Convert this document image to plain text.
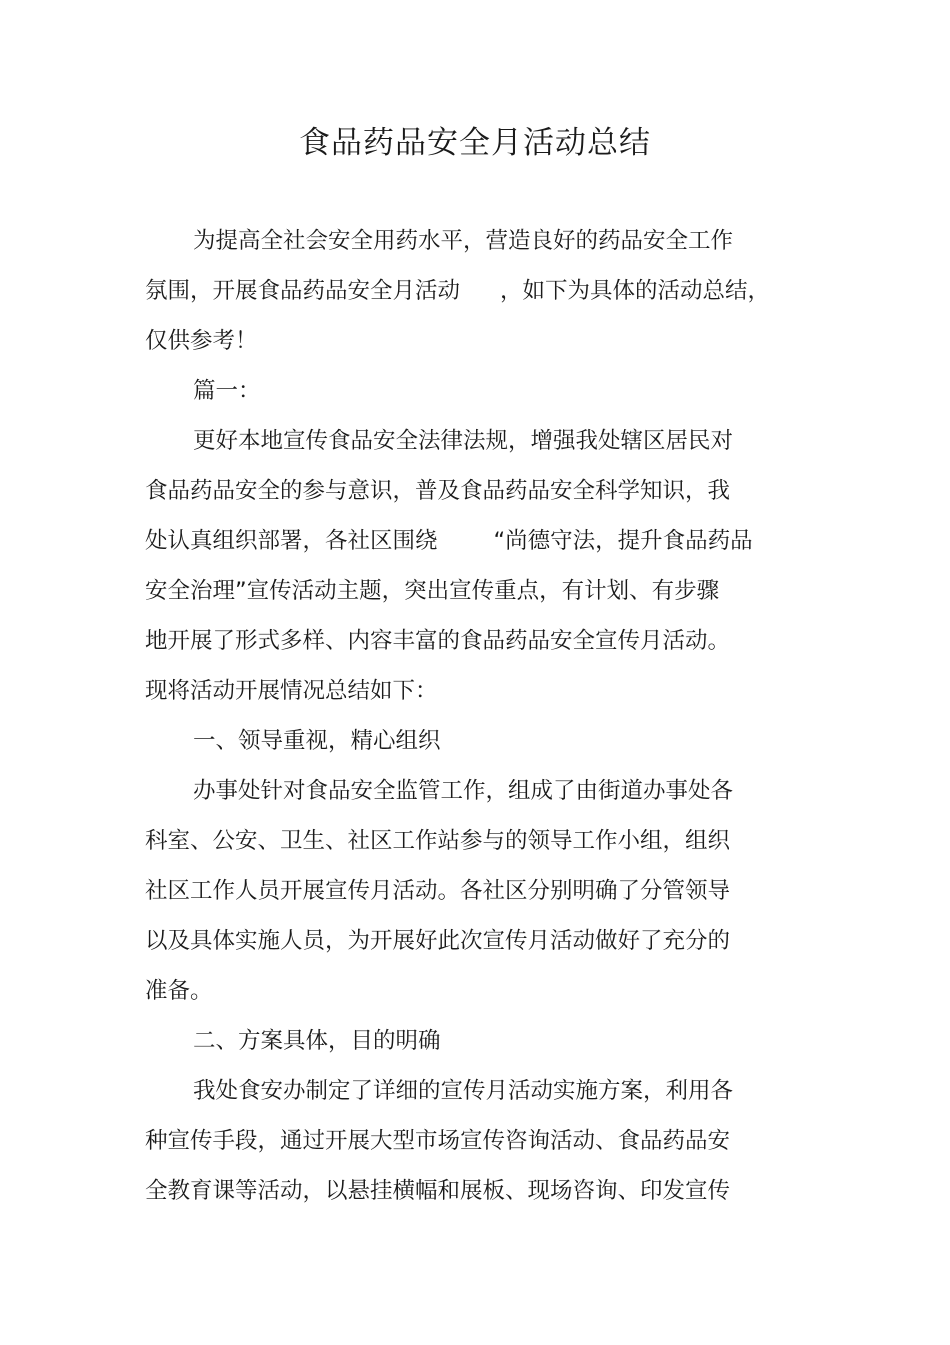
食品药品安全月活动总结

为提高全社会安全用药水平，营造良好的药品安全工作

氛围，开展食品药品安全月活动 ，如下为具体的活动总结，

仅供参考！

篇一：

更好本地宣传食品安全法律法规，增强我处辖区居民对

食品药品安全的参与意识，普及食品药品安全科学知识，我

处认真组织部署，各社区围绕 “尚德守法，提升食品药品

安全治理”宣传活动主题，突出宣传重点，有计划、有步骤

地开展了形式多样、内容丰富的食品药品安全宣传月活动。

现将活动开展情况总结如下：

一、领导重视，精心组织

办事处针对食品安全监管工作，组成了由街道办事处各

科室、公安、卫生、社区工作站参与的领导工作小组，组织

社区工作人员开展宣传月活动。各社区分别明确了分管领导

以及具体实施人员，为开展好此次宣传月活动做好了充分的

准备。

二、方案具体，目的明确

我处食安办制定了详细的宣传月活动实施方案，利用各

种宣传手段，通过开展大型市场宣传咨询活动、食品药品安

全教育课等活动，以悬挂横幅和展板、现场咨询、印发宣传
